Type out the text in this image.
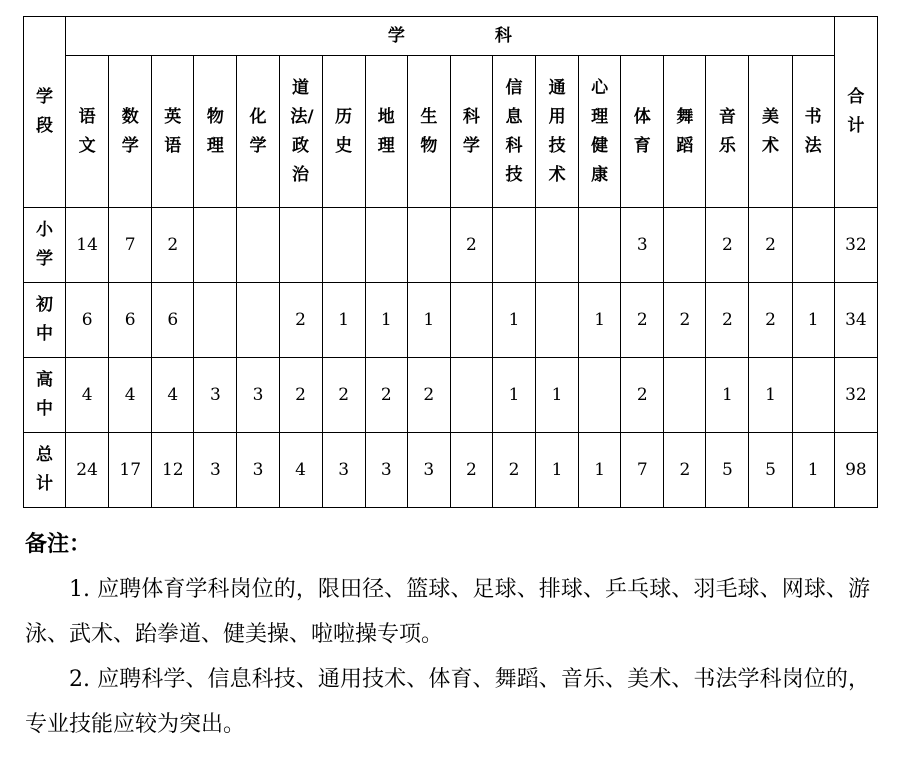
学段	学 科																		合计
	语文	数学	英语	物理	化学	道法/政治	历史	地理	生物	科学	信息科技	通用技术	心理健康	体育	舞蹈	音乐	美术	书法	
小学	14	7	2							2				3		2	2		32
初中	6	6	6			2	1	1	1		1		1	2	2	2	2	1	34
高中	4	4	4	3	3	2	2	2	2		1	1		2		1	1		32
总计	24	17	12	3	3	4	3	3	3	2	2	1	1	7	2	5	5	1	98
备注：

1. 应聘体育学科岗位的，限田径、篮球、足球、排球、乒乓球、羽毛球、网球、游泳、武术、跆拳道、健美操、啦啦操专项。

2. 应聘科学、信息科技、通用技术、体育、舞蹈、音乐、美术、书法学科岗位的，专业技能应较为突出。
